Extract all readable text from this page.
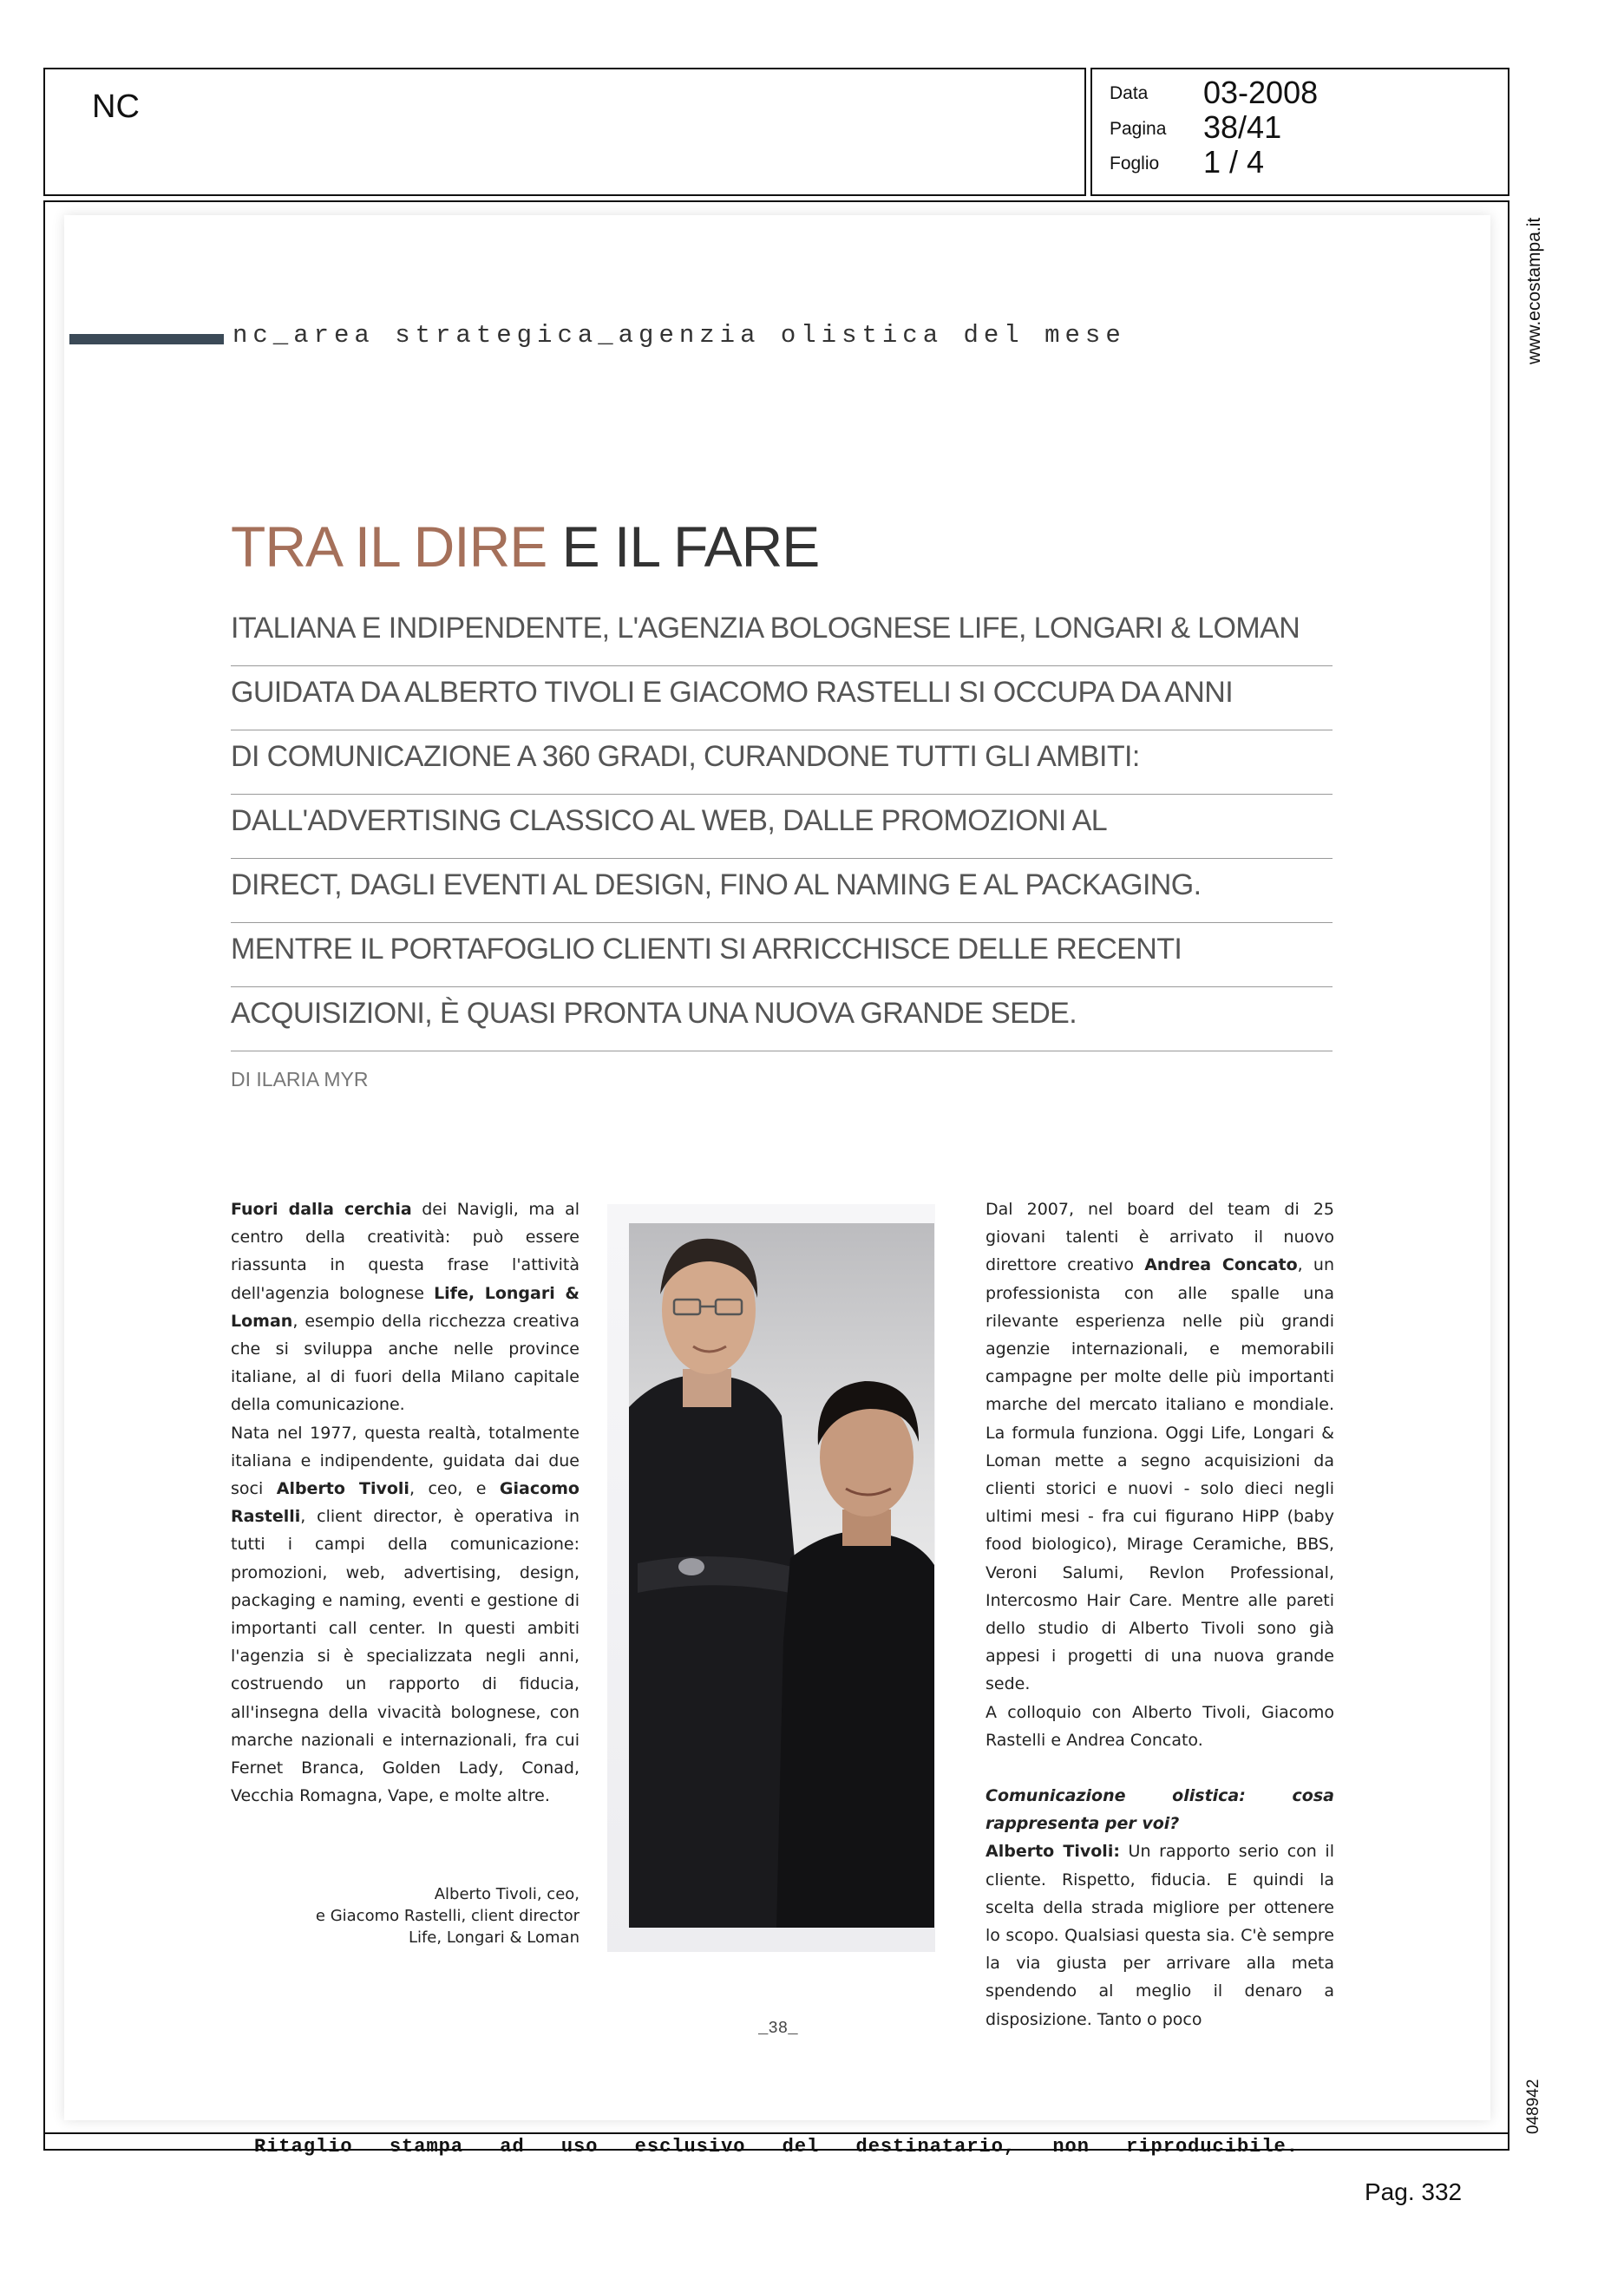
NC	Data 03-2008
Pagina 38/41
Foglio 1 / 4
Ritaglio stampa ad uso esclusivo del destinatario, non riproducibile.
www.ecostampa.it
048942
Pag. 332
nc_area strategica_agenzia olistica del mese
TRA IL DIRE E IL FARE
ITALIANA E INDIPENDENTE, L'AGENZIA BOLOGNESE LIFE, LONGARI & LOMAN
GUIDATA DA ALBERTO TIVOLI E GIACOMO RASTELLI SI OCCUPA DA ANNI
DI COMUNICAZIONE A 360 GRADI, CURANDONE TUTTI GLI AMBITI:
DALL'ADVERTISING CLASSICO AL WEB, DALLE PROMOZIONI AL
DIRECT, DAGLI EVENTI AL DESIGN, FINO AL NAMING E AL PACKAGING.
MENTRE IL PORTAFOGLIO CLIENTI SI ARRICCHISCE DELLE RECENTI
ACQUISIZIONI, È QUASI PRONTA UNA NUOVA GRANDE SEDE.
DI ILARIA MYR

Fuori dalla cerchia dei Navigli, ma al centro della creatività: può essere riassunta in questa frase l'attività dell'agenzia bolognese Life, Longari & Loman, esempio della ricchezza creativa che si sviluppa anche nelle province italiane, al di fuori della Milano capitale della comunicazione.

Nata nel 1977, questa realtà, totalmente italiana e indipendente, guidata dai due soci Alberto Tivoli, ceo, e Giacomo Rastelli, client director, è operativa in tutti i campi della comunicazione: promozioni, web, advertising, design, packaging e naming, eventi e gestione di importanti call center. In questi ambiti l'agenzia si è specializzata negli anni, costruendo un rapporto di fiducia, all'insegna della vivacità bolognese, con marche nazionali e internazionali, fra cui Fernet Branca, Golden Lady, Conad, Vecchia Romagna, Vape, e molte altre.

Alberto Tivoli, ceo,
e Giacomo Rastelli, client director
Life, Longari & Loman

Dal 2007, nel board del team di 25 giovani talenti è arrivato il nuovo direttore creativo Andrea Concato, un professionista con alle spalle una rilevante esperienza nelle più grandi agenzie internazionali, e memorabili campagne per molte delle più importanti marche del mercato italiano e mondiale. La formula funziona. Oggi Life, Longari & Loman mette a segno acquisizioni da clienti storici e nuovi - solo dieci negli ultimi mesi - fra cui figurano HiPP (baby food biologico), Mirage Ceramiche, BBS, Veroni Salumi, Revlon Professional, Intercosmo Hair Care. Mentre alle pareti dello studio di Alberto Tivoli sono già appesi i progetti di una nuova grande sede.

A colloquio con Alberto Tivoli, Giacomo Rastelli e Andrea Concato.

Comunicazione olistica: cosa rappresenta per voi?

Alberto Tivoli: Un rapporto serio con il cliente. Rispetto, fiducia. E quindi la scelta della strada migliore per ottenere lo scopo. Qualsiasi questa sia. C'è sempre la via giusta per arrivare alla meta spendendo al meglio il denaro a disposizione. Tanto o poco

_38_
